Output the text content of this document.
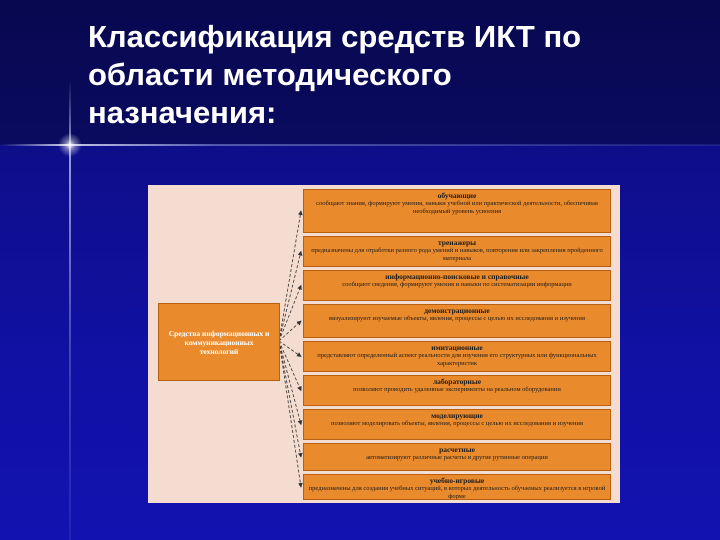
Классификация средств ИКТ по
области методического
назначения:
Средства информационных и коммуникационных технологий
обучающие
сообщают знания, формируют умения, навыки учебной или практической деятельности, обеспечивая необходимый уровень усвоения
тренажеры
предназначены для отработки разного рода умений и навыков, повторения или закрепления пройденного материала
информационно-поисковые и справочные
сообщают сведения, формируют умения и навыки по систематизации информации
демонстрационные
визуализируют изучаемые объекты, явления, процессы с целью их исследования и изучения
имитационные
представляют определенный аспект реальности для изучения его структурных или функциональных характеристик
лабораторные
позволяют проводить удаленные эксперименты на реальном оборудовании
моделирующие
позволяют моделировать объекты, явления, процессы с целью их исследования и изучения
расчетные
автоматизируют различные расчеты и другие рутинные операции
учебно-игровые
предназначены для создания учебных ситуаций, в которых деятельность обучаемых реализуется в игровой форме
